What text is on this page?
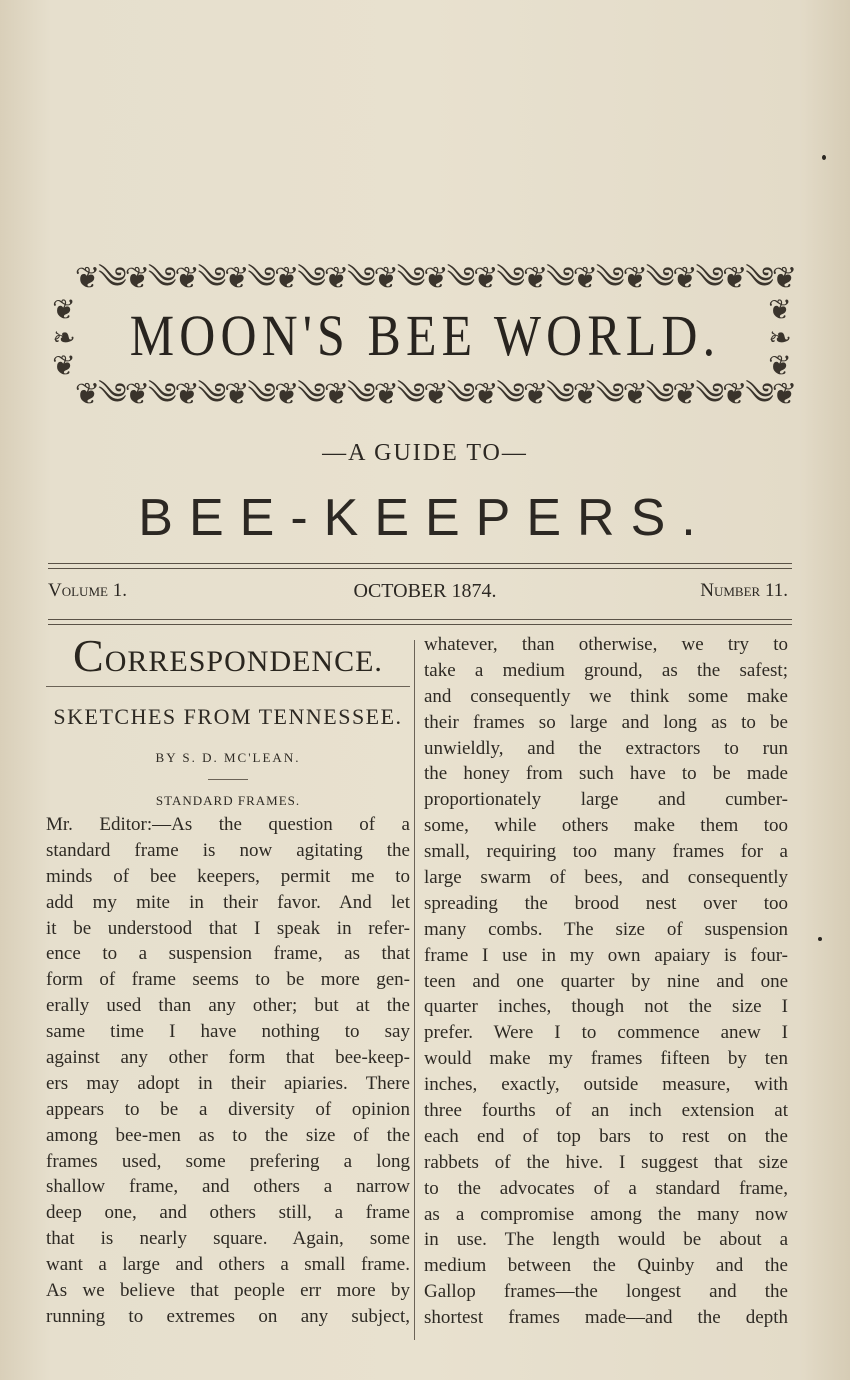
❦༄❦༄❦༄❦༄❦༄❦༄❦༄❦༄❦༄❦༄❦༄❦༄❦༄❦༄❦
❦ ❧ ❦
❦ ❧ ❦
MOON'S BEE WORLD.
❦༄❦༄❦༄❦༄❦༄❦༄❦༄❦༄❦༄❦༄❦༄❦༄❦༄❦༄❦
—A GUIDE TO—
BEE-KEEPERS.
Volume 1.	OCTOBER 1874.	Number 11.
CORRESPONDENCE.
SKETCHES FROM TENNESSEE.
BY S. D. MC'LEAN.
STANDARD FRAMES.
Mr. Editor:—As the question of a
standard frame is now agitating the
minds of bee keepers, permit me to
add my mite in their favor. And let
it be understood that I speak in refer-
ence to a suspension frame, as that
form of frame seems to be more gen-
erally used than any other; but at the
same time I have nothing to say
against any other form that bee-keep-
ers may adopt in their apiaries. There
appears to be a diversity of opinion
among bee-men as to the size of the
frames used, some prefering a long
shallow frame, and others a narrow
deep one, and others still, a frame
that is nearly square. Again, some
want a large and others a small frame.
As we believe that people err more by
running to extremes on any subject,
whatever, than otherwise, we try to
take a medium ground, as the safest;
and consequently we think some make
their frames so large and long as to be
unwieldly, and the extractors to run
the honey from such have to be made
proportionately large and cumber-
some, while others make them too
small, requiring too many frames for a
large swarm of bees, and consequently
spreading the brood nest over too
many combs. The size of suspension
frame I use in my own apaiary is four-
teen and one quarter by nine and one
quarter inches, though not the size I
prefer. Were I to commence anew I
would make my frames fifteen by ten
inches, exactly, outside measure, with
three fourths of an inch extension at
each end of top bars to rest on the
rabbets of the hive. I suggest that size
to the advocates of a standard frame,
as a compromise among the many now
in use. The length would be about a
medium between the Quinby and the
Gallop frames—the longest and the
shortest frames made—and the depth
